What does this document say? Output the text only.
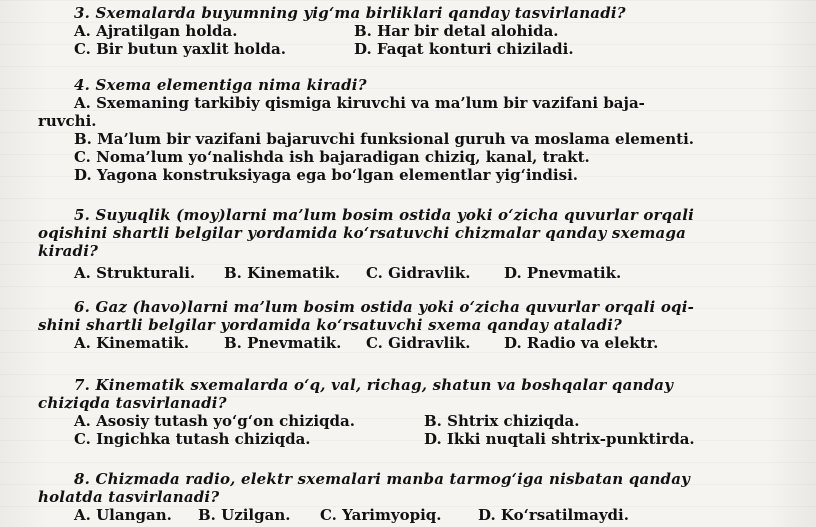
3. Sxemalarda buyumning yig‘ma birliklari qanday tasvirlanadi?

A. Ajratilgan holda.	B. Har bir detal alohida.
C. Bir butun yaxlit holda.	D. Faqat konturi chiziladi.

4. Sxema elementiga nima kiradi?

A. Sxemaning tarkibiy qismiga kiruvchi va ma’lum bir vazifani baja-
ruvchi.
B. Ma’lum bir vazifani bajaruvchi funksional guruh va moslama elementi.
C. Noma’lum yo‘nalishda ish bajaradigan chiziq, kanal, trakt.
D. Yagona konstruksiyaga ega bo‘lgan elementlar yig‘indisi.

5. Suyuqlik (moy)larni ma’lum bosim ostida yoki o‘zicha quvurlar orqali

oqishini shartli belgilar yordamida ko‘rsatuvchi chizmalar qanday sxemaga

kiradi?

A. Strukturali.	B. Kinematik.	C. Gidravlik.	D. Pnevmatik.

6. Gaz (havo)larni ma’lum bosim ostida yoki o‘zicha quvurlar orqali oqi-

shini shartli belgilar yordamida ko‘rsatuvchi sxema qanday ataladi?

A. Kinematik.	B. Pnevmatik.	C. Gidravlik.	D. Radio va elektr.

7. Kinematik sxemalarda o‘q, val, richag, shatun va boshqalar qanday

chiziqda tasvirlanadi?

A. Asosiy tutash yo‘g‘on chiziqda.	B. Shtrix chiziqda.
C. Ingichka tutash chiziqda.	D. Ikki nuqtali shtrix-punktirda.

8. Chizmada radio, elektr sxemalari manba tarmog‘iga nisbatan qanday

holatda tasvirlanadi?

A. Ulangan.	B. Uzilgan.	C. Yarimyopiq.	D. Ko‘rsatilmaydi.
